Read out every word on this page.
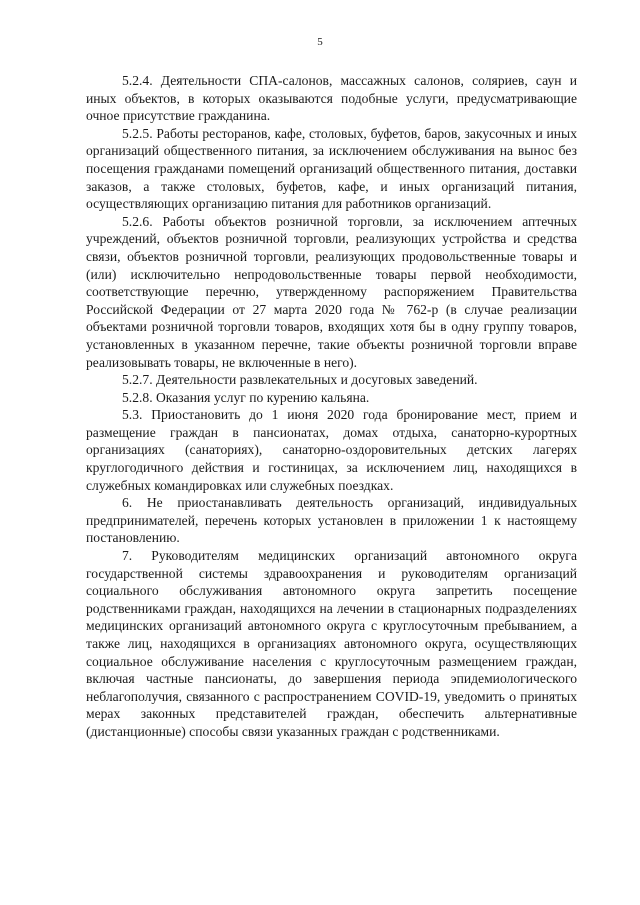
5

5.2.4. Деятельности СПА-салонов, массажных салонов, соляриев, саун и иных объектов, в которых оказываются подобные услуги, предусматривающие очное присутствие гражданина.

5.2.5. Работы ресторанов, кафе, столовых, буфетов, баров, закусочных и иных организаций общественного питания, за исключением обслуживания на вынос без посещения гражданами помещений организаций общественного питания, доставки заказов, а также столовых, буфетов, кафе, и иных организаций питания, осуществляющих организацию питания для работников организаций.

5.2.6. Работы объектов розничной торговли, за исключением аптечных учреждений, объектов розничной торговли, реализующих устройства и средства связи, объектов розничной торговли, реализующих продовольственные товары и (или) исключительно непродовольственные товары первой необходимости, соответствующие перечню, утвержденному распоряжением Правительства Российской Федерации от 27 марта 2020 года № 762-р (в случае реализации объектами розничной торговли товаров, входящих хотя бы в одну группу товаров, установленных в указанном перечне, такие объекты розничной торговли вправе реализовывать товары, не включенные в него).

5.2.7. Деятельности развлекательных и досуговых заведений.

5.2.8. Оказания услуг по курению кальяна.

5.3. Приостановить до 1 июня 2020 года бронирование мест, прием и размещение граждан в пансионатах, домах отдыха, санаторно-курортных организациях (санаториях), санаторно-оздоровительных детских лагерях круглогодичного действия и гостиницах, за исключением лиц, находящихся в служебных командировках или служебных поездках.

6. Не приостанавливать деятельность организаций, индивидуальных предпринимателей, перечень которых установлен в приложении 1 к настоящему постановлению.

7. Руководителям медицинских организаций автономного округа государственной системы здравоохранения и руководителям организаций социального обслуживания автономного округа запретить посещение родственниками граждан, находящихся на лечении в стационарных подразделениях медицинских организаций автономного округа с круглосуточным пребыванием, а также лиц, находящихся в организациях автономного округа, осуществляющих социальное обслуживание населения с круглосуточным размещением граждан, включая частные пансионаты, до завершения периода эпидемиологического неблагополучия, связанного с распространением COVID-19, уведомить о принятых мерах законных представителей граждан, обеспечить альтернативные (дистанционные) способы связи указанных граждан с родственниками.
